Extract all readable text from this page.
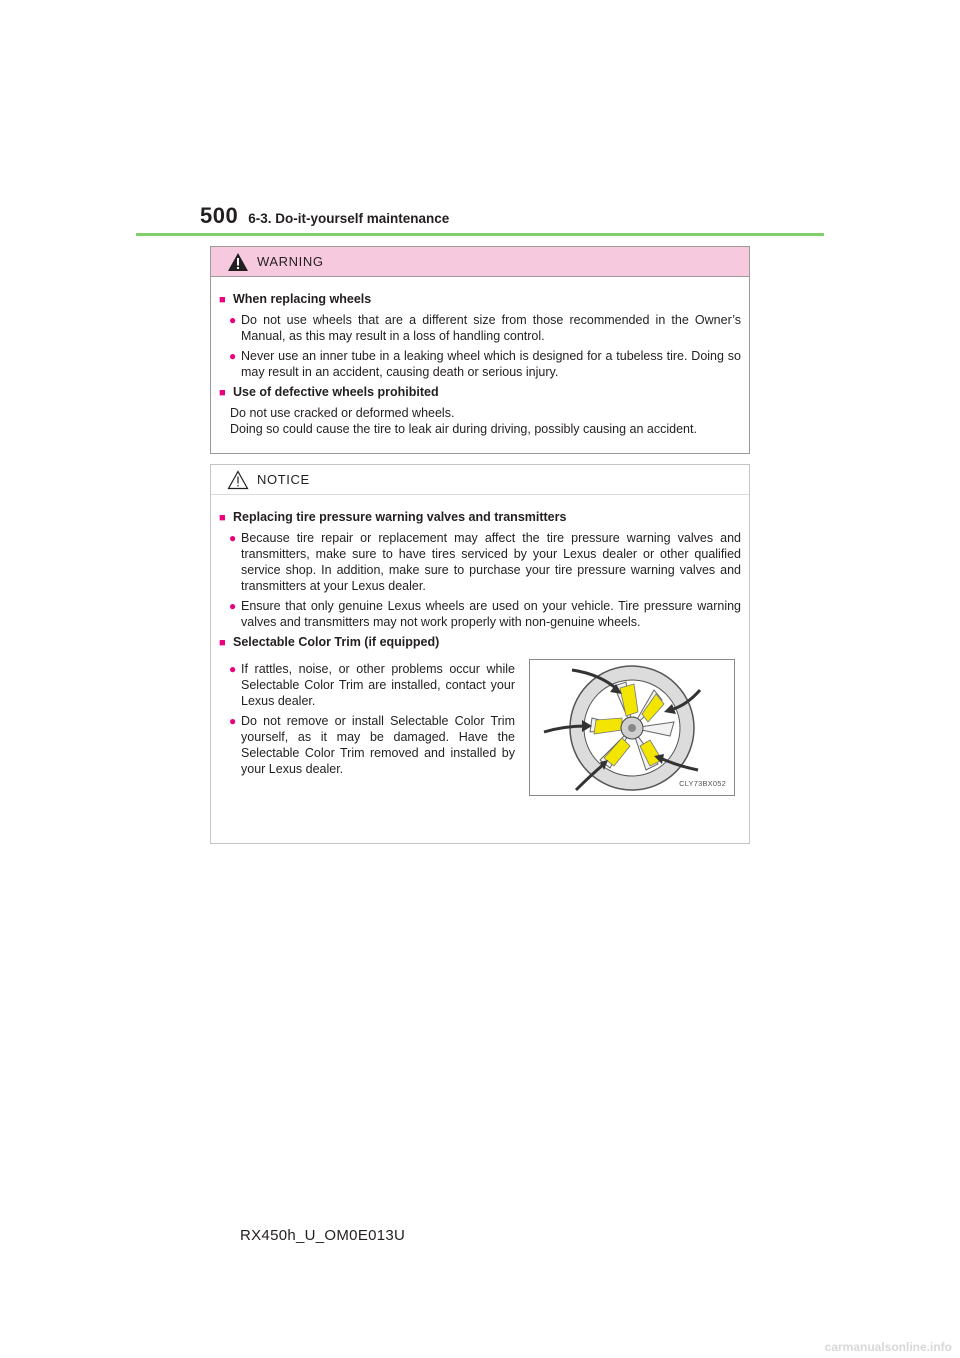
500 6-3. Do-it-yourself maintenance
WARNING
■ When replacing wheels
● Do not use wheels that are a different size from those recommended in the Owner’s Manual, as this may result in a loss of handling control.
● Never use an inner tube in a leaking wheel which is designed for a tubeless tire. Doing so may result in an accident, causing death or serious injury.
■ Use of defective wheels prohibited
Do not use cracked or deformed wheels.
Doing so could cause the tire to leak air during driving, possibly causing an accident.
NOTICE
■ Replacing tire pressure warning valves and transmitters
● Because tire repair or replacement may affect the tire pressure warning valves and transmitters, make sure to have tires serviced by your Lexus dealer or other qualified service shop. In addition, make sure to purchase your tire pressure warning valves and transmitters at your Lexus dealer.
● Ensure that only genuine Lexus wheels are used on your vehicle. Tire pressure warning valves and transmitters may not work properly with non-genuine wheels.
■ Selectable Color Trim (if equipped)
● If rattles, noise, or other problems occur while Selectable Color Trim are installed, contact your Lexus dealer.
● Do not remove or install Selectable Color Trim yourself, as it may be damaged. Have the Selectable Color Trim removed and installed by your Lexus dealer.
CLY73BX052
RX450h_U_OM0E013U
carmanualsonline.info
